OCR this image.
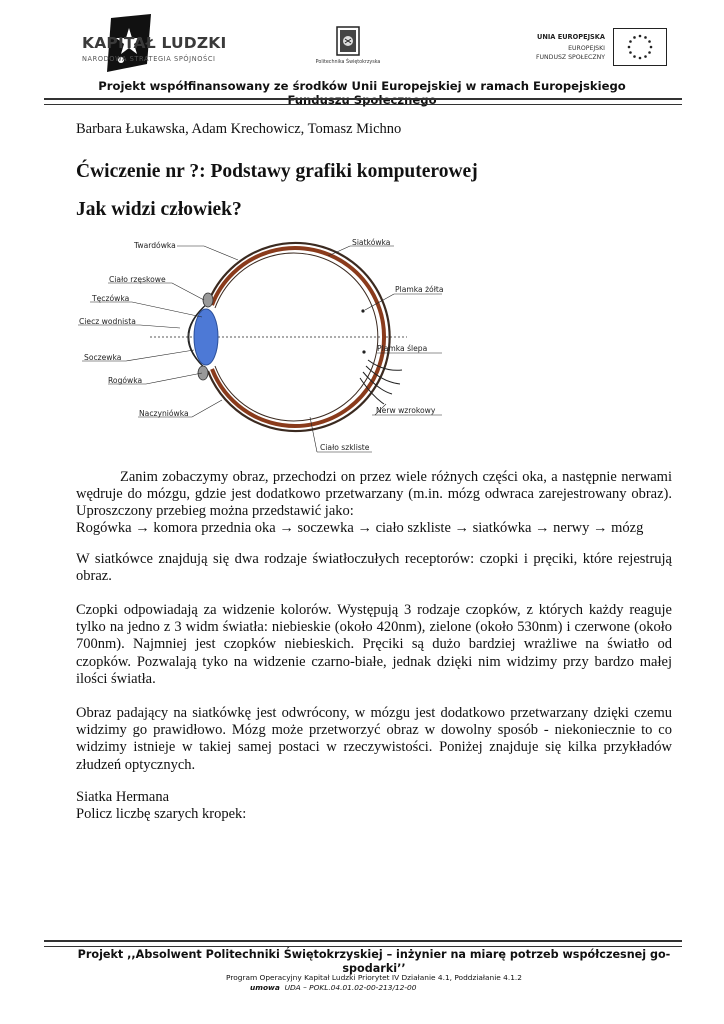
KAPITAŁ LUDZKI
NARODOWA STRATEGIA SPÓJNOŚCI	Politechnika Świętokrzyska
UNIA EUROPEJSKA
EUROPEJSKI
FUNDUSZ SPOŁECZNY
Projekt współfinansowany ze środków Unii Europejskiej w ramach Europejskiego Funduszu Społecznego
Barbara Łukawska, Adam Krechowicz, Tomasz Michno
Ćwiczenie nr ?: Podstawy grafiki komputerowej
Jak widzi człowiek?
Twardówka	Siatkówka
Ciało rzęskowe
Tęczówka
Ciecz wodnista
Soczewka
Rogówka
Naczyniówka
Plamka żółta
Plamka ślepa
Nerw wzrokowy
Ciało szkliste
Zanim zobaczymy obraz, przechodzi on przez wiele różnych części oka, a następnie nerwami wędruje do mózgu, gdzie jest dodatkowo przetwarzany (m.in. mózg odwraca zarejestrowany obraz). Uproszczony przebieg można przedstawić jako:
Rogówka → komora przednia oka → soczewka → ciało szkliste → siatkówka → nerwy → mózg
W siatkówce znajdują się dwa rodzaje światłoczułych receptorów: czopki i pręciki, które rejestrują obraz.
Czopki odpowiadają za widzenie kolorów. Występują 3 rodzaje czopków, z których każdy reaguje tylko na jedno z 3 widm światła: niebieskie (około 420nm), zielone (około 530nm) i czerwone (około 700nm). Najmniej jest czopków niebieskich. Pręciki są dużo bardziej wrażliwe na światło od czopków. Pozwalają tyko na widzenie czarno-białe, jednak dzięki nim widzimy przy bardzo małej ilości światła.
Obraz padający na siatkówkę jest odwrócony, w mózgu jest dodatkowo przetwarzany dzięki czemu widzimy go prawidłowo. Mózg może przetworzyć obraz w dowolny sposób - niekoniecznie to co widzimy istnieje w takiej samej postaci w rzeczywistości. Poniżej znajduje się kilka przykładów złudzeń optycznych.
Siatka Hermana
Policz liczbę szarych kropek:
Projekt ,,Absolwent Politechniki Świętokrzyskiej – inżynier na miarę potrzeb współczesnej go- spodarki’’
Program Operacyjny Kapitał Ludzki Priorytet IV Działanie 4.1, Poddziałanie 4.1.2
umowa UDA – POKL.04.01.02-00-213/12-00
